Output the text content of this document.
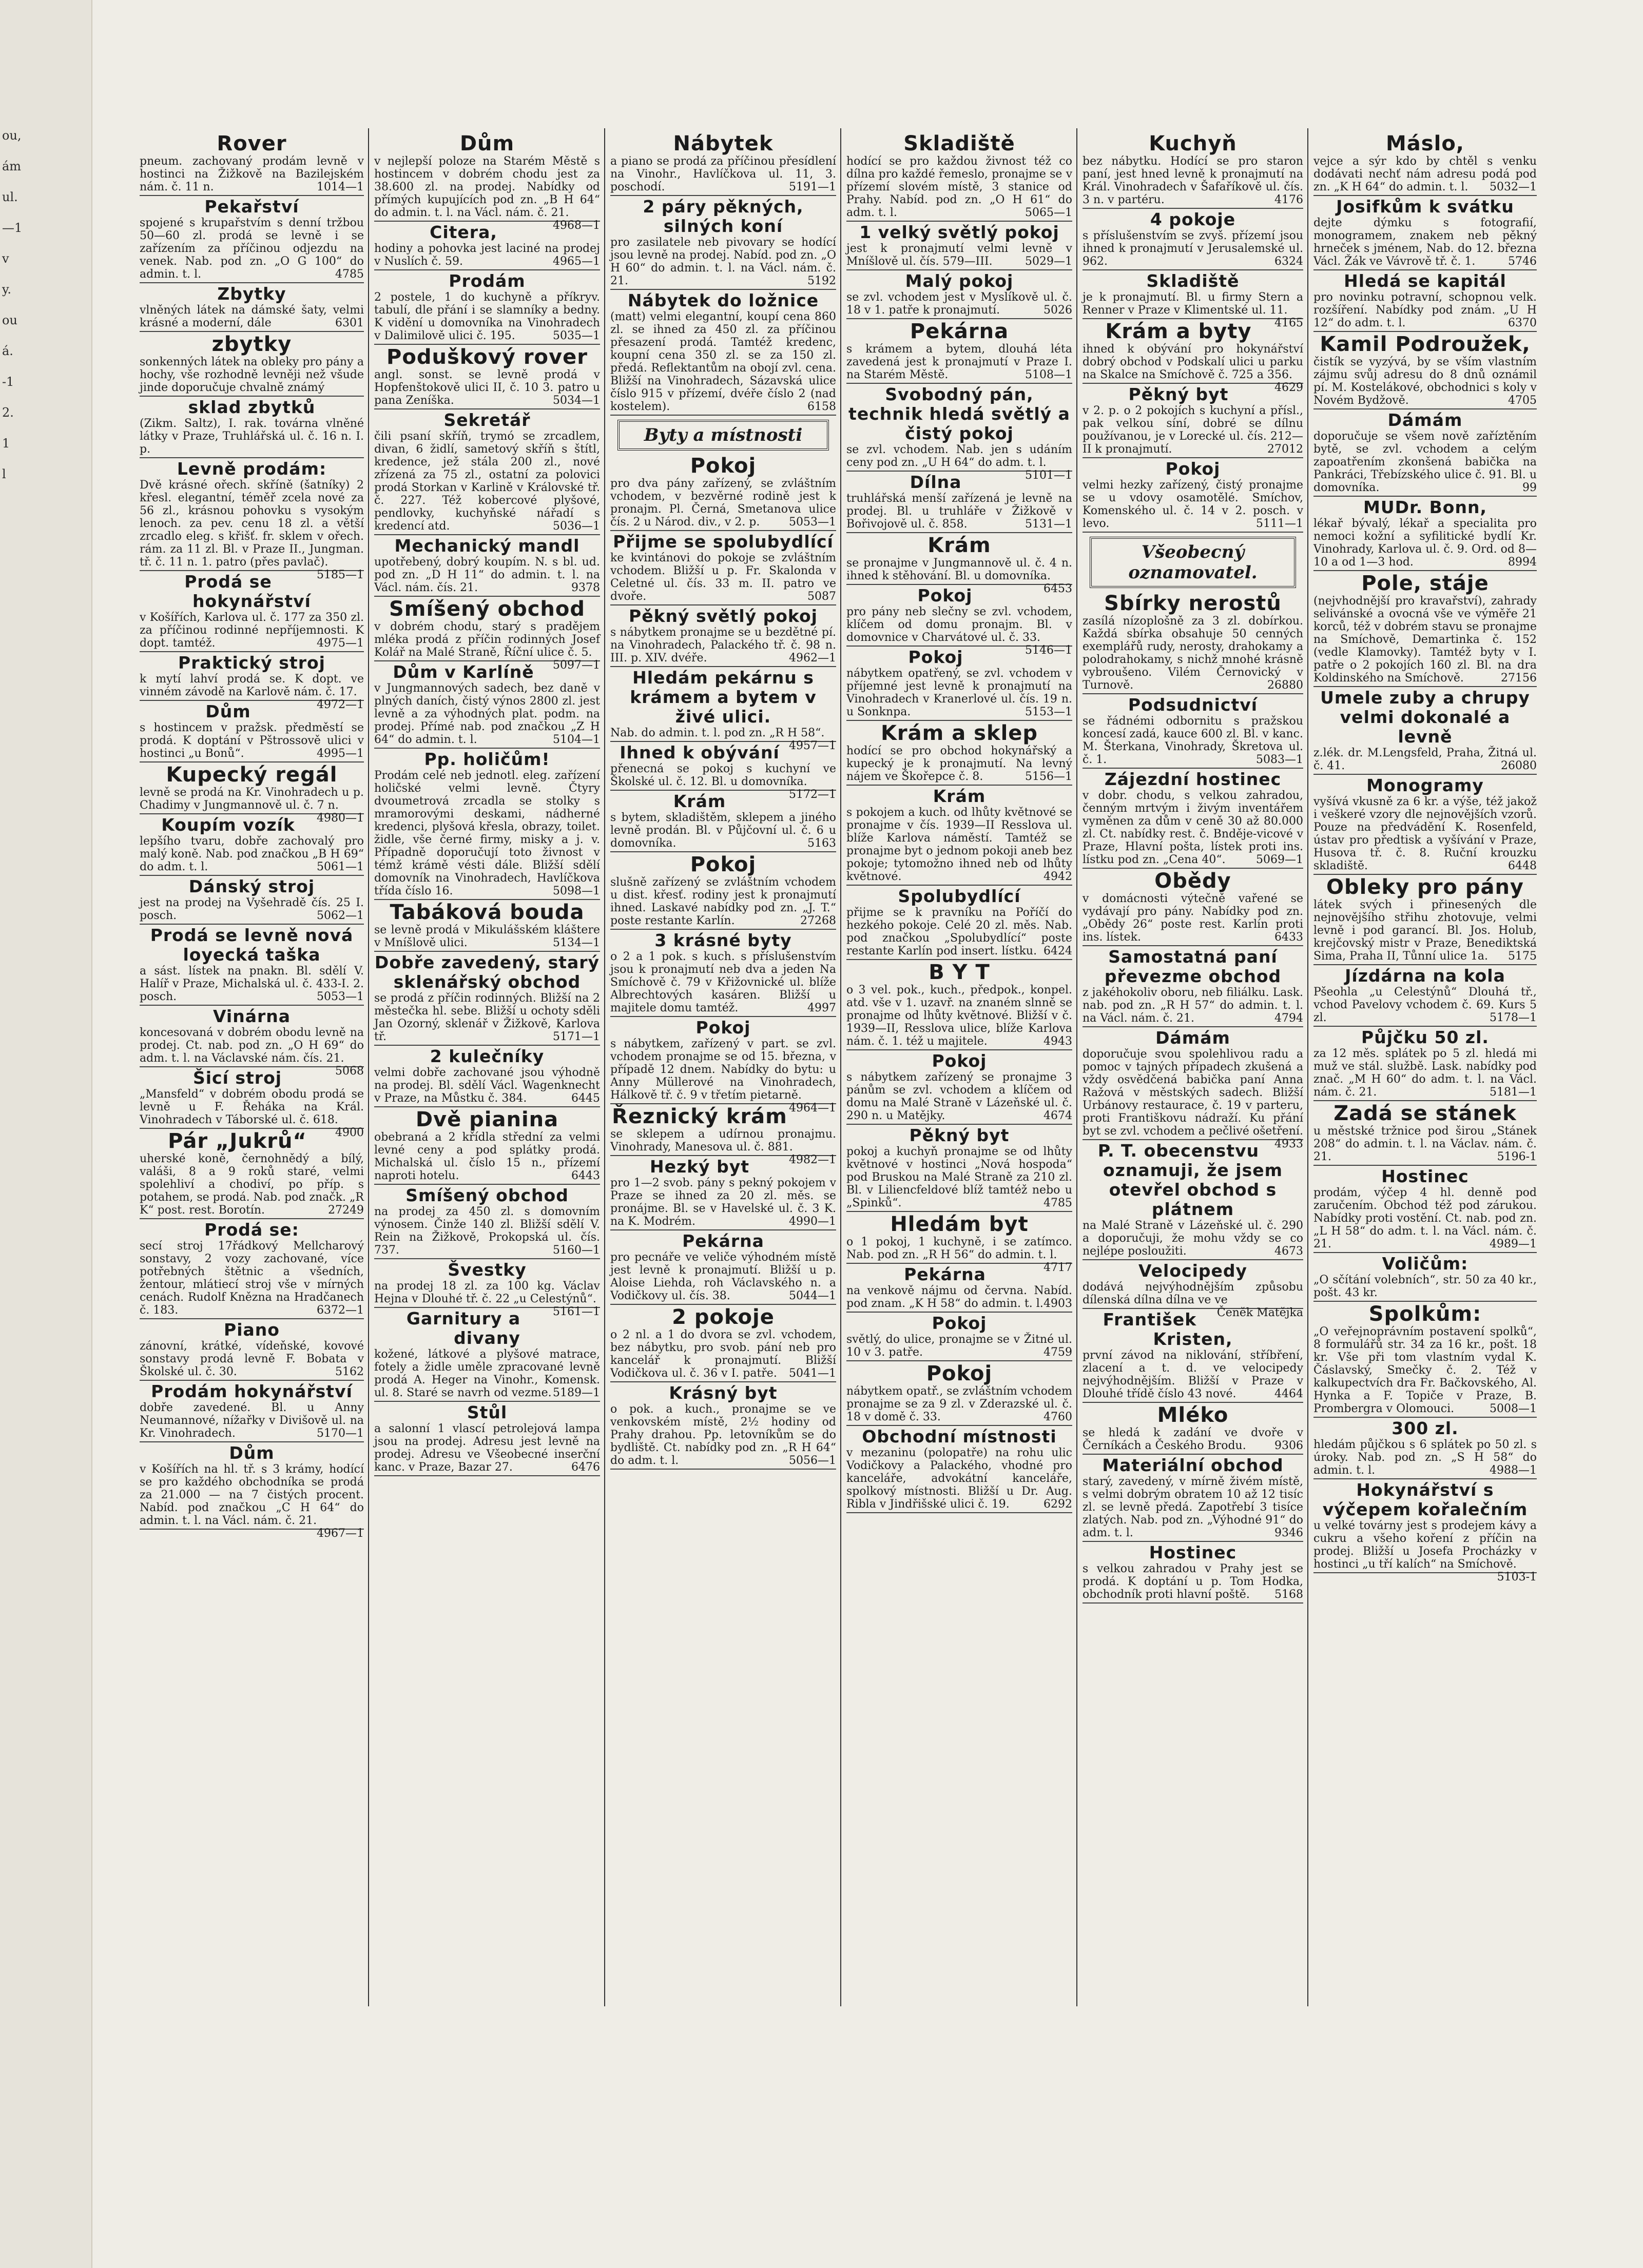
ou,
ám
ul.
—1
v
y.
ou
á.
-1
2.
1
l
Rover
pneum. zachovaný prodám levně v hostinci na Žižkově na Bazilejském nám. č. 11 n.	1014—1
Pekařství
spojené s krupařstvím s denní tržbou 50—60 zl. prodá se levně i se zařízením za příčinou odjezdu na venek. Nab. pod zn. „O G 100“ do admin. t. l.	4785
Zbytky
vlněných látek na dámské šaty, velmi krásné a moderní, dále	6301
zbytky
sonkenných látek na obleky pro pány a hochy, vše rozhodně levněji než všude jinde doporučuje chvalně známý
sklad zbytků
(Zikm. Saltz), I. rak. továrna vlněné látky v Praze, Truhlářská ul. č. 16 n. I. p.
Levně prodám:
Dvě krásné ořech. skříně (šatníky) 2 křesl. elegantní, téměř zcela nové za 56 zl., krásnou pohovku s vysokým lenoch. za pev. cenu 18 zl. a větší zrcadlo eleg. s křišť. fr. sklem v ořech. rám. za 11 zl. Bl. v Praze II., Jungman. tř. č. 11 n. 1. patro (přes pavlač).
5185—1
Prodá se hokynářství
v Košířích, Karlova ul. č. 177 za 350 zl. za příčinou rodinné nepříjemnosti. K dopt. tamtéž.	4975—1
Praktický stroj
k mytí lahví prodá se. K dopt. ve vinném závodě na Karlově nám. č. 17.
4972—1
Dům
s hostincem v pražsk. předměstí se prodá. K doptání v Pštrossově ulici v hostinci „u Bonů“.	4995—1
Kupecký regál
levně se prodá na Kr. Vinohradech u p. Chadimy v Jungmannově ul. č. 7 n.
4980—1
Koupím vozík
lepšího tvaru, dobře zachovalý pro malý koně. Nab. pod značkou „B H 69“ do adm. t. l.	5061—1
Dánský stroj
jest na prodej na Vyšehradě čís. 25 I. posch.	5062—1
Prodá se levně nová loyecká taška
a sást. lístek na pnakn. Bl. sdělí V. Halíř v Praze, Michalská ul. č. 433-I. 2. posch.	5053—1
Vinárna
koncesovaná v dobrém obodu levně na prodej. Ct. nab. pod zn. „O H 69“ do adm. t. l. na Václavské nám. čís. 21.
5068
Šicí stroj
„Mansfeld“ v dobrém obodu prodá se levně u F. Řeháka na Král. Vinohradech v Táborské ul. č. 618.
4900
Pár „Jukrů“
uherské koně, černohnědý a bílý, valáši, 8 a 9 roků staré, velmi spolehliví a chodiví, po příp. s potahem, se prodá. Nab. pod značk. „R K“ post. rest. Borotín.	27249
Prodá se:
secí stroj 17řádkový Mellcharový sonstavy, 2 vozy zachované, více potřebných štětnic a všedních, žentour, mlátiecí stroj vše v mírných cenách. Rudolf Knězna na Hradčanech č. 183.	6372—1
Piano
zánovní, krátké, vídeňské, kovové sonstavy prodá levně F. Bobata v Školské ul. č. 30.	5162
Prodám hokynářství
dobře zavedené. Bl. u Anny Neumannové, nížařky v Divišově ul. na Kr. Vinohradech.	5170—1
Dům
v Košířích na hl. tř. s 3 krámy, hodící se pro každého obchodníka se prodá za 21.000 — na 7 čistých procent. Nabíd. pod značkou „C H 64“ do admin. t. l. na Václ. nám. č. 21.
4967—1
Dům
v nejlepší poloze na Starém Městě s hostincem v dobrém chodu jest za 38.600 zl. na prodej. Nabídky od přímých kupujících pod zn. „B H 64“ do admin. t. l. na Václ. nám. č. 21.
4968—1
Citera,
hodiny a pohovka jest laciné na prodej v Nuslích č. 59.	4965—1
Prodám
2 postele, 1 do kuchyně a příkryv. tabulí, dle přání i se slamníky a bedny. K vidění u domovníka na Vinohradech v Dalimilově ulici č. 195.	5035—1
Poduškový rover
angl. sonst. se levně prodá v Hopfenštokově ulici II, č. 10 3. patro u pana Zeníška.	5034—1
Sekretář
čili psaní skříň, trymó se zrcadlem, divan, 6 židlí, sametový skříň s štítl, kredence, jež stála 200 zl., nové zřízená za 75 zl., ostatní za polovici prodá Storkan v Karlině v Královské tř. č. 227. Též kobercové plyšové, pendlovky, kuchyňské nářadí s kredencí atd.	5036—1
Mechanický mandl
upotřebený, dobrý koupím. N. s bl. ud. pod zn. „D H 11“ do admin. t. l. na Václ. nám. čís. 21.	9378
Smíšený obchod
v dobrém chodu, starý s pradějem mléka prodá z příčin rodinných Josef Kolář na Malé Straně, Říční ulice č. 5.
5097—1
Dům v Karlíně
v Jungmannových sadech, bez daně v plných daních, čistý výnos 2800 zl. jest levně a za výhodných plat. podm. na prodej. Přímé nab. pod značkou „Z H 64“ do admin. t. l.	5104—1
Pp. holičům!
Prodám celé neb jednotl. eleg. zařízení holičské velmi levně. Čtyry dvoumetrová zrcadla se stolky s mramorovými deskami, nádherné kredenci, plyšová křesla, obrazy, toilet. židle, vše černé firmy, misky a j. v. Případně doporučují toto živnost v témž krámě vésti dále. Bližší sdělí domovník na Vinohradech, Havlíčkova třída číslo 16.	5098—1
Tabáková bouda
se levně prodá v Mikulášském kláštere v Mníšlově ulici.	5134—1
Dobře zavedený, starý sklenářský obchod
se prodá z příčin rodinných. Bližší na 2 městečka hl. sebe. Bližší u ochoty sděli Jan Ozorný, sklenář v Žižkově, Karlova tř.	5171—1
2 kulečníky
velmi dobře zachované jsou výhodně na prodej. Bl. sdělí Václ. Wagenknecht v Praze, na Můstku č. 384.	6445
Dvě pianina
obebraná a 2 křídla střední za velmi levné ceny a pod splátky prodá. Michalská ul. číslo 15 n., přízemí naproti hotelu.	6443
Smíšený obchod
na prodej za 450 zl. s domovním výnosem. Činže 140 zl. Bližší sdělí V. Rein na Žižkově, Prokopská ul. čís. 737.	5160—1
Švestky
na prodej 18 zl. za 100 kg. Václav Hejna v Dlouhé tř. č. 22 „u Celestýnů“.
5161—1
Garnitury a divany
kožené, látkové a plyšové matrace, fotely a židle uměle zpracované levně prodá A. Heger na Vinohr., Komensk. ul. 8. Staré se navrh od vezme. 5189—1
Stůl
a salonní 1 vlascí petrolejová lampa jsou na prodej. Adresu jest levně na prodej. Adresu ve Všeobecné inserční kanc. v Praze, Bazar 27.	6476
Nábytek
a piano se prodá za příčinou přesídlení na Vinohr., Havlíčkova ul. 11, 3. poschodí.	5191—1
2 páry pěkných, silných koní
pro zasilatele neb pivovary se hodící jsou levně na prodej. Nabíd. pod zn. „O H 60“ do admin. t. l. na Václ. nám. č. 21.	5192
Nábytek do ložnice
(matt) velmi elegantní, koupí cena 860 zl. se ihned za 450 zl. za příčinou přesazení prodá. Tamtéž kredenc, koupní cena 350 zl. se za 150 zl. předá. Reflektantům na obojí zvl. cena. Bližší na Vinohradech, Sázavská ulice číslo 915 v přízemí, dvéře číslo 2 (nad kostelem).	6158
Byty a místnosti
Pokoj
pro dva pány zařízený, se zvláštním vchodem, v bezvěrné rodině jest k pronajm. Pl. Černá, Smetanova ulice čís. 2 u Národ. div., v 2. p.	5053—1
Přijme se spolubydlící
ke kvintánovi do pokoje se zvláštním vchodem. Bližší u p. Fr. Skalonda v Celetné ul. čís. 33 m. II. patro ve dvoře.	5087
Pěkný světlý pokoj
s nábytkem pronajme se u bezdětné pí. na Vinohradech, Palackého tř. č. 98 n. III. p. XIV. dvéře.	4962—1
Hledám pekárnu s krámem a bytem v živé ulici.
Nab. do admin. t. l. pod zn. „R H 58“.
4957—1
Ihned k obývání
přenecná se pokoj s kuchyní ve Školské ul. č. 12. Bl. u domovníka.
5172—1
Krám
s bytem, skladištěm, sklepem a jiného levně prodán. Bl. v Půjčovní ul. č. 6 u domovníka.	5163
Pokoj
slušně zařízený se zvláštním vchodem u dist. křesť. rodiny jest k pronajmutí ihned. Laskavé nabídky pod zn. „J. T.“ poste restante Karlín.	27268
3 krásné byty
o 2 a 1 pok. s kuch. s příslušenstvím jsou k pronajmutí neb dva a jeden Na Smíchově č. 79 v Křižovnické ul. blíže Albrechtových kasáren. Bližší u majitele domu tamtéž.	4997
Pokoj
s nábytkem, zařízený v part. se zvl. vchodem pronajme se od 15. března, v případě 12 dnem. Nabídky do bytu: u Anny Müllerové na Vinohradech, Hálkově tř. č. 9 v třetím pietarně.
4964—1
Řeznický krám
se sklepem a udírnou pronajmu. Vinohrady, Manesova ul. č. 881.
4982—1
Hezký byt
pro 1—2 svob. pány s pekný pokojem v Praze se ihned za 20 zl. měs. se pronájme. Bl. se v Havelské ul. č. 3 K. na K. Modrém.	4990—1
Pekárna
pro pecnáře ve veliče výhodném místě jest levně k pronajmutí. Bližší u p. Aloise Liehda, roh Václavského n. a Vodičkovy ul. čís. 38.	5044—1
2 pokoje
o 2 nl. a 1 do dvora se zvl. vchodem, bez nábytku, pro svob. pání neb pro kancelář k pronajmutí. Bližší Vodičkova ul. č. 36 v I. patře. 5041—1
Krásný byt
o pok. a kuch., pronajme se ve venkovském místě, 2½ hodiny od Prahy drahou. Pp. letovníkům se do bydliště. Ct. nabídky pod zn. „R H 64“ do adm. t. l.	5056—1
Skladiště
hodící se pro každou živnost též co dílna pro každé řemeslo, pronajme se v přízemí slovém místě, 3 stanice od Prahy. Nabíd. pod zn. „O H 61“ do adm. t. l.	5065—1
1 velký světlý pokoj
jest k pronajmutí velmi levně v Mníšlově ul. čís. 579—III.	5029—1
Malý pokoj
se zvl. vchodem jest v Myslíkově ul. č. 18 v 1. patře k pronajmutí.	5026
Pekárna
s krámem a bytem, dlouhá léta zavedená jest k pronajmutí v Praze I. na Starém Městě.	5108—1
Svobodný pán, technik hledá světlý a čistý pokoj
se zvl. vchodem. Nab. jen s udáním ceny pod zn. „U H 64“ do adm. t. l.
5101—1
Dílna
truhlářská menší zařízená je levně na prodej. Bl. u truhláře v Žižkově v Bořivojově ul. č. 858.	5131—1
Krám
se pronajme v Jungmannově ul. č. 4 n. ihned k stěhování. Bl. u domovníka.
6453
Pokoj
pro pány neb slečny se zvl. vchodem, klíčem od domu pronajm. Bl. v domovnice v Charvátové ul. č. 33.
5146—1
Pokoj
nábytkem opatřený, se zvl. vchodem v příjemné jest levně k pronajmutí na Vinohradech v Kranerlové ul. čís. 19 n. u Sonknpa.	5153—1
Krám a sklep
hodící se pro obchod hokynářský a kupecký je k pronajmutí. Na levný nájem ve Škořepce č. 8.	5156—1
Krám
s pokojem a kuch. od lhůty květnové se pronajme v čís. 1939—II Resslova ul. blíže Karlova náměstí. Tamtéž se pronajme byt o jednom pokoji aneb bez pokoje; tytomožno ihned neb od lhůty květnové.	4942
Spolubydlící
přijme se k pravníku na Poříčí do hezkého pokoje. Celé 20 zl. měs. Nab. pod značkou „Spolubydlící“ poste restante Karlín pod insert. lístku. 6424
B Y T
o 3 vel. pok., kuch., předpok., konpel. atd. vše v 1. uzavř. na znaném slnně se pronajme od lhůty květnové. Bližší v č. 1939—II, Resslova ulice, blíže Karlova nám. č. 1. též u majitele.	4943
Pokoj
s nábytkem zařízený se pronajme 3 pánům se zvl. vchodem a klíčem od domu na Malé Straně v Lázeňské ul. č. 290 n. u Matějky.	4674
Pěkný byt
pokoj a kuchyň pronajme se od lhůty květnové v hostinci „Nová hospoda“ pod Bruskou na Malé Straně za 210 zl. Bl. v Liliencfeldové blíž tamtéž nebo u „Spinků“.	4785
Hledám byt
o 1 pokoj, 1 kuchyně, i se zatímco. Nab. pod zn. „R H 56“ do admin. t. l.
4717
Pekárna
na venkově nájmu od června. Nabíd. pod znam. „K H 58“ do admin. t. l. 4903
Pokoj
světlý, do ulice, pronajme se v Žitné ul. 10 v 3. patře.	4759
Pokoj
nábytkem opatř., se zvláštním vchodem pronajme se za 9 zl. v Zderazské ul. č. 18 v domě č. 33.	4760
Obchodní místnosti
v mezaninu (polopatře) na rohu ulic Vodičkovy a Palackého, vhodné pro kanceláře, advokátní kanceláře, spolkový místnosti. Bližší u Dr. Aug. Ribla v Jindřišské ulici č. 19.	6292
Kuchyň
bez nábytku. Hodící se pro staron paní, jest hned levně k pronajmutí na Král. Vinohradech v Šafaříkově ul. čís. 3 n. v partéru.	4176
4 pokoje
s příslušenstvím se zvyš. přízemí jsou ihned k pronajmutí v Jerusalemské ul. 962.	6324
Skladiště
je k pronajmutí. Bl. u firmy Stern a Renner v Praze v Klimentské ul. 11.
4165
Krám a byty
ihned k obývání pro hokynářství dobrý obchod v Podskalí ulici u parku na Skalce na Smíchově č. 725 a 356.
4629
Pěkný byt
v 2. p. o 2 pokojích s kuchyní a přísl., pak velkou síní, dobré se dílnu používanou, je v Lorecké ul. čís. 212—II k pronajmutí.	27012
Pokoj
velmi hezky zařízený, čistý pronajme se u vdovy osamotělé. Smíchov, Komenského ul. č. 14 v 2. posch. v levo.	5111—1
Všeobecný oznamovatel.
Sbírky nerostů
zasílá nízoplošně za 3 zl. dobírkou. Každá sbírka obsahuje 50 cenných exemplářů rudy, nerosty, drahokamy a polodrahokamy, s nichž mnohé krásně vybroušeno. Vilém Černovický v Turnově.	26880
Podsudnictví
se řádnémi odbornitu s pražskou koncesí zadá, kauce 600 zl. Bl. v kanc. M. Šterkana, Vinohrady, Škretova ul. č. 1.	5083—1
Zájezdní hostinec
v dobr. chodu, s velkou zahradou, čenným mrtvým i živým inventářem vyměnen za dům v ceně 30 až 80.000 zl. Ct. nabídky rest. č. Bnděje-vicové v Praze, Hlavní pošta, lístek proti ins. lístku pod zn. „Cena 40“.	5069—1
Obědy
v domácnosti výtečně vařené se vydávají pro pány. Nabídky pod zn. „Obědy 26“ poste rest. Karlín proti ins. lístek.	6433
Samostatná paní převezme obchod
z jakéhokoliv oboru, neb filiálku. Lask. nab. pod zn. „R H 57“ do admin. t. l. na Václ. nám. č. 21.	4794
Dámám
doporučuje svou spolehlivou radu a pomoc v tajných případech zkušená a vždy osvědčená babička paní Anna Ražová v městských sadech. Bližší Urbánovy restaurace, č. 19 v parteru, proti Františkovu nádraží. Ku přání byt se zvl. vchodem a pečlivé ošetření.
4933
P. T. obecenstvu oznamuji, že jsem otevřel obchod s plátnem
na Malé Straně v Lázeňské ul. č. 290 a doporučuji, že mohu vždy se co nejlépe posloužiti.	4673
Velocipedy
dodává nejvýhodnějším způsobu dílenská dílna dílna ve ve
Čeněk Matějka
František Kristen,
první závod na niklování, stříbření, zlacení a t. d. ve velocipedy nejvýhodnějším. Bližší v Praze v Dlouhé třídě číslo 43 nové.	4464
Mléko
se hledá k zadání ve dvoře v Černíkách a Českého Brodu.	9306
Materiální obchod
starý, zavedený, v mírně živém místě, s velmi dobrým obratem 10 až 12 tisíc zl. se levně předá. Zapotřebí 3 tisíce zlatých. Nab. pod zn. „Výhodné 91“ do adm. t. l.	9346
Hostinec
s velkou zahradou v Prahy jest se prodá. K doptání u p. Tom Hodka, obchodník proti hlavní poště. 5168
Máslo,
vejce a sýr kdo by chtěl s venku dodávati nechť nám adresu podá pod zn. „K H 64“ do admin. t. l. 5032—1
Josifkům k svátku
dejte dýmku s fotografií, monogramem, znakem neb pěkný hrneček s jménem, Nab. do 12. března Václ. Žák ve Vávrově tř. č. 1.	5746
Hledá se kapitál
pro novinku potravní, schopnou velk. rozšíření. Nabídky pod znám. „U H 12“ do adm. t. l.	6370
Kamil Podroužek,
čistík se vyzývá, by se vším vlastním zájmu svůj adresu do 8 dnů oznámil pí. M. Kostelákové, obchodnici s koly v Novém Bydžově.	4705
Dámám
doporučuje se všem nově zaříztěním bytě, se zvl. vchodem a celým zapoatřením zkonšená babička na Pankráci, Třebízského ulice č. 91. Bl. u domovníka.	99
MUDr. Bonn,
lékař bývalý, lékař a specialita pro nemoci kožní a syfilitické bydlí Kr. Vinohrady, Karlova ul. č. 9. Ord. od 8—10 a od 1—3 hod.	8994
Pole, stáje
(nejvhodnější pro kravařství), zahrady selivánské a ovocná vše ve výměře 21 korců, též v dobrém stavu se pronajme na Smíchově, Demartinka č. 152 (vedle Klamovky). Tamtéž byty v I. patře o 2 pokojích 160 zl. Bl. na dra Koldinského na Smíchově.	27156
Umele zuby a chrupy velmi dokonalé a levně
z.lék. dr. M.Lengsfeld, Praha, Žitná ul. č. 41.	26080
Monogramy
vyšívá vkusně za 6 kr. a výše, též jakož i veškeré vzory dle nejnovějších vzorů. Pouze na předvádění K. Rosenfeld, ústav pro předtisk a vyšívání v Praze, Husova tř. č. 8. Ruční krouzku skladiště.	6448
Obleky pro pány
látek svých i přinesených dle nejnovějšího střihu zhotovuje, velmi levně i pod garancí. Bl. Jos. Holub, krejčovský mistr v Praze, Benediktská Sima, Praha II, Tůnní ulice 1a. 5175
Jízdárna na kola
Pšeohla „u Celestýnů“ Dlouhá tř., vchod Pavelovy vchodem č. 69. Kurs 5 zl.	5178—1
Půjčku 50 zl.
za 12 měs. splátek po 5 zl. hledá mi muž ve stál. službě. Lask. nabídky pod znač. „M H 60“ do adm. t. l. na Václ. nám. č. 21.	5181—1
Zadá se stánek
u městské tržnice pod širou „Stánek 208“ do admin. t. l. na Václav. nám. č. 21.	5196-1
Hostinec
prodám, výčep 4 hl. denně pod zaručením. Obchod též pod zárukou. Nabídky proti vostění. Ct. nab. pod zn. „L H 58“ do adm. t. l. na Václ. nám. č. 21.	4989—1
Voličům:
„O sčítání volebních“, str. 50 za 40 kr., pošt. 43 kr.
Spolkům:
„O veřejnoprávním postavení spolků“, 8 formulářů str. 34 za 16 kr., pošt. 18 kr. Vše při tom vlastním vydal K. Čáslavský, Smečky č. 2. Též v kalkupectvích dra Fr. Bačkovského, Al. Hynka a F. Topiče v Praze, B. Prombergra v Olomouci.	5008—1
300 zl.
hledám půjčkou s 6 splátek po 50 zl. s úroky. Nab. pod zn. „S H 58“ do admin. t. l.	4988—1
Hokynářství s výčepem kořalečním
u velké továrny jest s prodejem kávy a cukru a všeho koření z příčin na prodej. Bližší u Josefa Procházky v hostinci „u tří kalích“ na Smíchově.
5103-1
